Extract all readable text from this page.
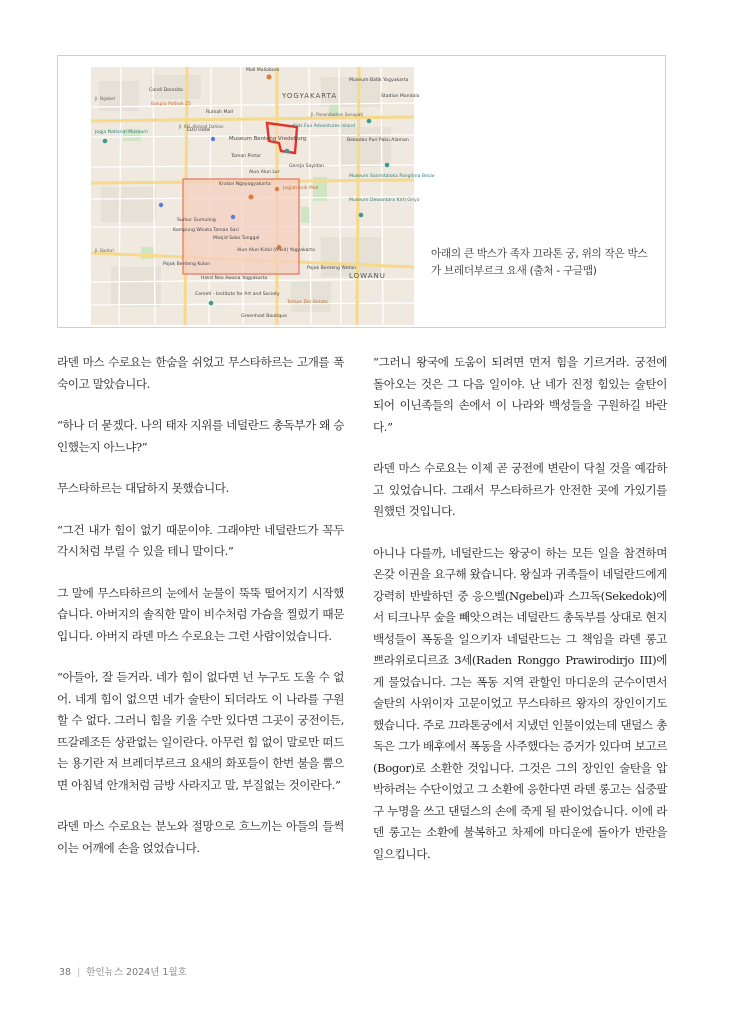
YOGYAKARTA
LOWANU
Mall Malioboro
Candi Dorosito
Bakpia Pathok 25
Rumah Mall
Kids Fun Adventures Island
Museum Batik Yogyakarta
Stadion Mandala
Jogja National Museum	EDU Hotel
Museum Benteng Vredeburg	Bebadan Puri Paku Alaman
Taman Pintar
Gereja Sayidan
Alun Alun Lor
Museum Sasmitaloka Panglima Besar
Kraton Ngayogyakarta
Jogjatronik Mall
Museum Dewantara Kirti Griya
Sumur Gumuling
Kampung Wisata Taman Sari
Masjid Soko Tunggal
Alun Alun Kidul (Alkid) Yogyakarta
Pojok Benteng Kulon
Pojok Benteng Wetan
Hotel Neo Awana Yogyakarta
Cemeti - Institute for Art and Society
Tempo Del Gelato
Greenhost Boutique
Jl. KH. Ahmad Dahlan
Jl. Panembahan Senopati
Jl. Bantul
Jl. Ngebel
아래의 큰 박스가 족자 끄라톤 궁, 위의 작은 박스가 브레더부르크 요새 (출처 - 구글맵)

라덴 마스 수로요는 한숨을 쉬었고 무스타하르는 고개를 푹 숙이고 말았습니다.

“하나 더 묻겠다. 나의 태자 지위를 네덜란드 총독부가 왜 승인했는지 아느냐?”

무스타하르는 대답하지 못했습니다.

“그건 내가 힘이 없기 때문이야. 그래야만 네덜란드가 꼭두각시처럼 부릴 수 있을 테니 말이다.”

그 말에 무스타하르의 눈에서 눈물이 뚝뚝 떨어지기 시작했습니다. 아버지의 솔직한 말이 비수처럼 가슴을 찔렀기 때문입니다. 아버지 라덴 마스 수로요는 그런 사람이었습니다.

“아들아, 잘 듣거라. 네가 힘이 없다면 넌 누구도 도울 수 없어. 네게 힘이 없으면 네가 술탄이 되더라도 이 나라를 구원할 수 없다. 그러니 힘을 키울 수만 있다면 그곳이 궁전이든, 뜨갈레조든 상관없는 일이란다. 아무런 힘 없이 말로만 떠드는 용기란 저 브레더부르크 요새의 화포들이 한번 불을 뿜으면 아침녘 안개처럼 금방 사라지고 말, 부질없는 것이란다.”

라덴 마스 수로요는 분노와 절망으로 흐느끼는 아들의 들썩이는 어깨에 손을 얹었습니다.

“그러니 왕국에 도움이 되려면 먼저 힘을 기르거라. 궁전에 돌아오는 것은 그 다음 일이야. 난 네가 진정 힘있는 술탄이 되어 이닌족들의 손에서 이 나라와 백성들을 구원하길 바란다.”

라덴 마스 수로요는 이제 곧 궁전에 변란이 닥칠 것을 예감하고 있었습니다. 그래서 무스타하르가 안전한 곳에 가있기를 원했던 것입니다.

아니나 다를까, 네덜란드는 왕궁이 하는 모든 일을 참견하며 온갖 이권을 요구해 왔습니다. 왕실과 귀족들이 네덜란드에게 강력히 반발하던 중 응으벨(Ngebel)과 스끄독(Sekedok)에서 티크나무 숲을 빼앗으려는 네덜란드 총독부를 상대로 현지 백성들이 폭동을 일으키자 네덜란드는 그 책임을 라덴 롱고 쁘라위로디르죠 3세(Raden Ronggo Prawirodirjo III)에게 물었습니다. 그는 폭동 지역 관할인 마디운의 군수이면서 술탄의 사위이자 고문이었고 무스타하르 왕자의 장인이기도 했습니다. 주로 끄라톤궁에서 지냈던 인물이었는데 댄덜스 총독은 그가 배후에서 폭동을 사주했다는 증거가 있다며 보고르(Bogor)로 소환한 것입니다. 그것은 그의 장인인 술탄을 압박하려는 수단이었고 그 소환에 응한다면 라덴 롱고는 십중팔구 누명을 쓰고 댄덜스의 손에 죽게 될 판이었습니다. 이에 라덴 롱고는 소환에 불복하고 차제에 마디운에 돌아가 반란을 일으킵니다.

38 | 한인뉴스 2024년 1월호
